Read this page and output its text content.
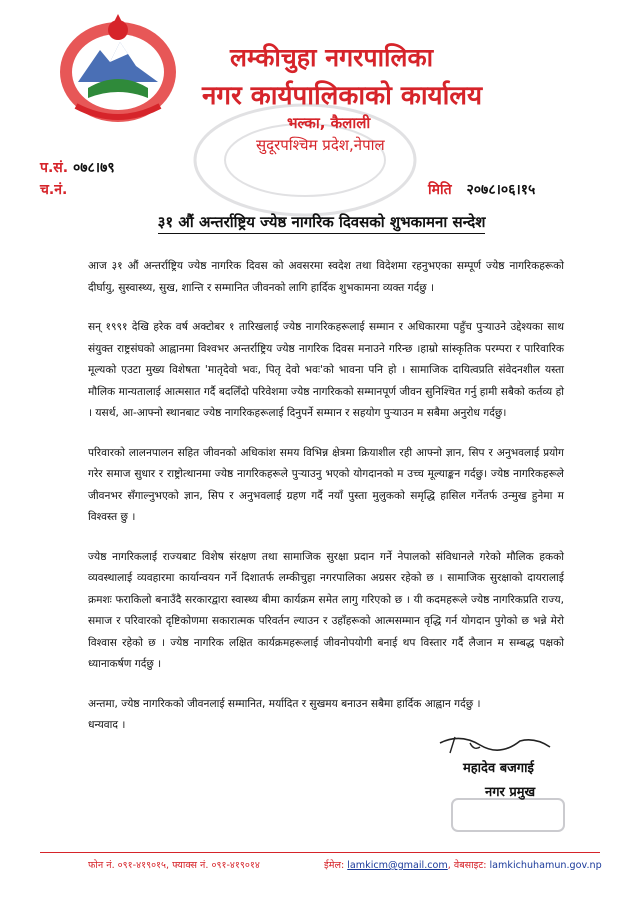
लम्कीचुहा नगरपालिका
नगर कार्यपालिकाको कार्यालय
भल्का, कैलाली
सुदूरपश्चिम प्रदेश,नेपाल
प.सं. ०७८।७९
च.नं.	मिति २०७८।०६।१५
३१ औं अन्तर्राष्ट्रिय ज्येष्ठ नागरिक दिवसको शुभकामना सन्देश

आज ३१ औं अन्तर्राष्ट्रिय ज्येष्ठ नागरिक दिवस को अवसरमा स्वदेश तथा विदेशमा रहनुभएका सम्पूर्ण ज्येष्ठ नागरिकहरूको दीर्घायु, सुस्वास्थ्य, सुख, शान्ति र सम्मानित जीवनको लागि हार्दिक शुभकामना व्यक्त गर्दछु ।

सन् १९९१ देखि हरेक वर्ष अक्टोबर १ तारिखलाई ज्येष्ठ नागरिकहरूलाई सम्मान र अधिकारमा पहुँच पुर्‍याउने उद्देश्यका साथ संयुक्त राष्ट्रसंघको आह्वानमा विश्वभर अन्तर्राष्ट्रिय ज्येष्ठ नागरिक दिवस मनाउने गरिन्छ ।हाम्रो सांस्कृतिक परम्परा र पारिवारिक मूल्यको एउटा मुख्य विशेषता 'मातृदेवो भवः, पितृ देवो भवः'को भावना पनि हो । सामाजिक दायित्वप्रति संवेदनशील यस्ता मौलिक मान्यतालाई आत्मसात गर्दै बदलिँदो परिवेशमा ज्येष्ठ नागरिकको सम्मानपूर्ण जीवन सुनिश्चित गर्नु हामी सबैको कर्तव्य हो । यसर्थ, आ-आफ्नो स्थानबाट ज्येष्ठ नागरिकहरूलाई दिनुपर्ने सम्मान र सहयोग पुर्‍याउन म सबैमा अनुरोध गर्दछु।

परिवारको लालनपालन सहित जीवनको अधिकांश समय विभिन्न क्षेत्रमा क्रियाशील रही आफ्नो ज्ञान, सिप र अनुभवलाई प्रयोग गरेर समाज सुधार र राष्ट्रोत्थानमा ज्येष्ठ नागरिकहरूले पुर्‍याउनु भएको योगदानको म उच्च मूल्याङ्कन गर्दछु। ज्येष्ठ नागरिकहरूले जीवनभर सँगाल्नुभएको ज्ञान, सिप र अनुभवलाई ग्रहण गर्दै नयाँ पुस्ता मुलुकको समृद्धि हासिल गर्नेतर्फ उन्मुख हुनेमा म विश्वस्त छु ।

ज्येष्ठ नागरिकलाई राज्यबाट विशेष संरक्षण तथा सामाजिक सुरक्षा प्रदान गर्ने नेपालको संविधानले गरेको मौलिक हकको व्यवस्थालाई व्यवहारमा कार्यान्वयन गर्ने दिशातर्फ लम्कीचुहा नगरपालिका अग्रसर रहेको छ । सामाजिक सुरक्षाको दायरालाई क्रमशः फराकिलो बनाउँदै सरकारद्वारा स्वास्थ्य बीमा कार्यक्रम समेत लागु गरिएको छ । यी कदमहरूले ज्येष्ठ नागरिकप्रति राज्य, समाज र परिवारको दृष्टिकोणमा सकारात्मक परिवर्तन ल्याउन र उहाँहरूको आत्मसम्मान वृद्धि गर्न योगदान पुगेको छ भन्ने मेरो विश्वास रहेको छ । ज्येष्ठ नागरिक लक्षित कार्यक्रमहरूलाई जीवनोपयोगी बनाई थप विस्तार गर्दै लैजान म सम्बद्ध पक्षको ध्यानाकर्षण गर्दछु ।

अन्तमा, ज्येष्ठ नागरिकको जीवनलाई सम्मानित, मर्यादित र सुखमय बनाउन सबैमा हार्दिक आह्वान गर्दछु ।

धन्यवाद ।
महादेव बजगाई
नगर प्रमुख
फोन नं. ०९१-४१९०१५, फ्याक्स नं. ०९१-४१९०१४	ईमेल: lamkicm@gmail.com, वेबसाइट: lamkichuhamun.gov.np
